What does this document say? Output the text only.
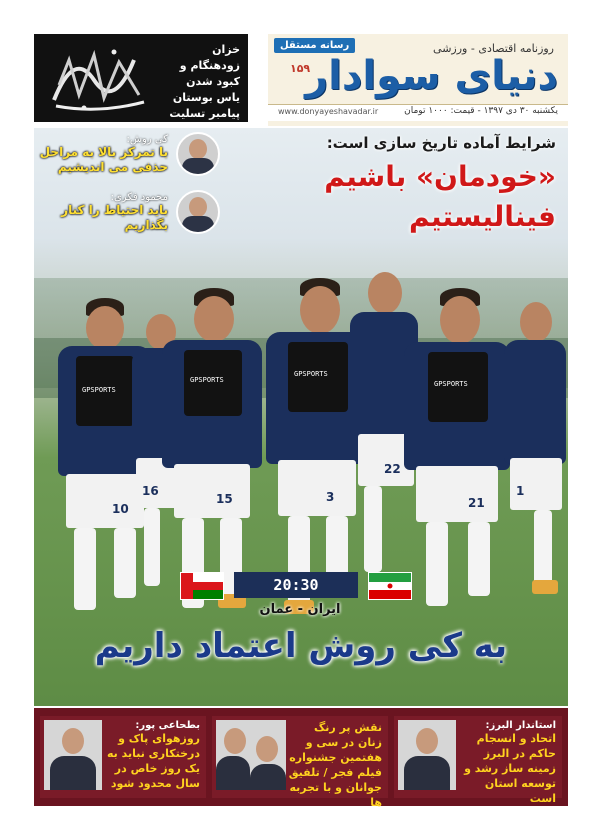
رسانه مستقل	روزنامه اقتصادی - ورزشی
دنیای‌ سوادار
۱۵۹
یکشنبه ۳۰ دی ۱۳۹۷ - قیمت: ۱۰۰۰ تومان
www.donyayeshavadar.ir
خزان زودهنگام و کبود شدن یاس بوستان پیامبر تسلیت
GPSPORTS
10
16
GPSPORTS
15
GPSPORTS
3
22
GPSPORTS
21
1
شرایط آماده تاریخ سازی است:
«خودمان» باشیم
فینالیستیم
کی روش:
با تمرکز بالا به مراحل حذفی می اندیشیم
محمود فکری:
باید احتیاط را کنار بگذاریم
20:30
ایران - عمان
به کی روش اعتماد داریم
استاندار البرز:
اتحاد و انسجام حاکم در البرز زمینه ساز رشد و توسعه استان است
نقش پر رنگ زنان در سی و هفتمین جشنواره فیلم فجر / تلفیق جوانان و با تجربه ها
بطحاعی پور:
روزهوای پاک و درختکاری نباید به یک روز خاص در سال محدود شود
